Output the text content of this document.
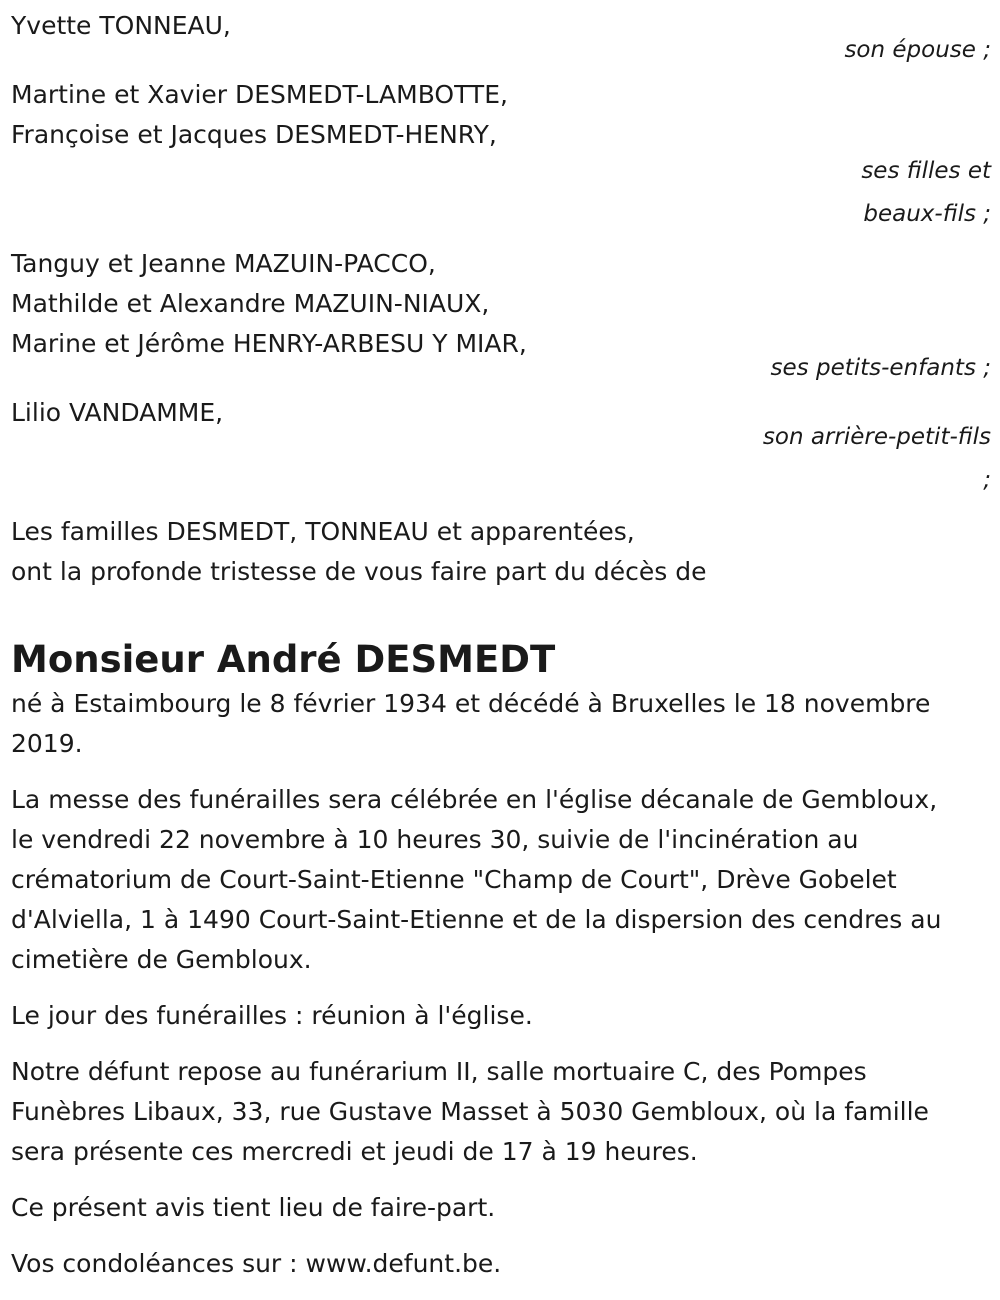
Yvette TONNEAU,
son épouse ;
Martine et Xavier DESMEDT-LAMBOTTE,
Françoise et Jacques DESMEDT-HENRY,
ses filles et
beaux-fils ;
Tanguy et Jeanne MAZUIN-PACCO,
Mathilde et Alexandre MAZUIN-NIAUX,
Marine et Jérôme HENRY-ARBESU Y MIAR,
ses petits-enfants ;
Lilio VANDAMME,
son arrière-petit-fils
;
Les familles DESMEDT, TONNEAU et apparentées,
ont la profonde tristesse de vous faire part du décès de
Monsieur André DESMEDT
né à Estaimbourg le 8 février 1934 et décédé à Bruxelles le 18 novembre
2019.
La messe des funérailles sera célébrée en l'église décanale de Gembloux,
le vendredi 22 novembre à 10 heures 30, suivie de l'incinération au
crématorium de Court-Saint-Etienne "Champ de Court", Drève Gobelet
d'Alviella, 1 à 1490 Court-Saint-Etienne et de la dispersion des cendres au
cimetière de Gembloux.
Le jour des funérailles : réunion à l'église.
Notre défunt repose au funérarium II, salle mortuaire C, des Pompes
Funèbres Libaux, 33, rue Gustave Masset à 5030 Gembloux, où la famille
sera présente ces mercredi et jeudi de 17 à 19 heures.
Ce présent avis tient lieu de faire-part.
Vos condoléances sur : www.defunt.be.
